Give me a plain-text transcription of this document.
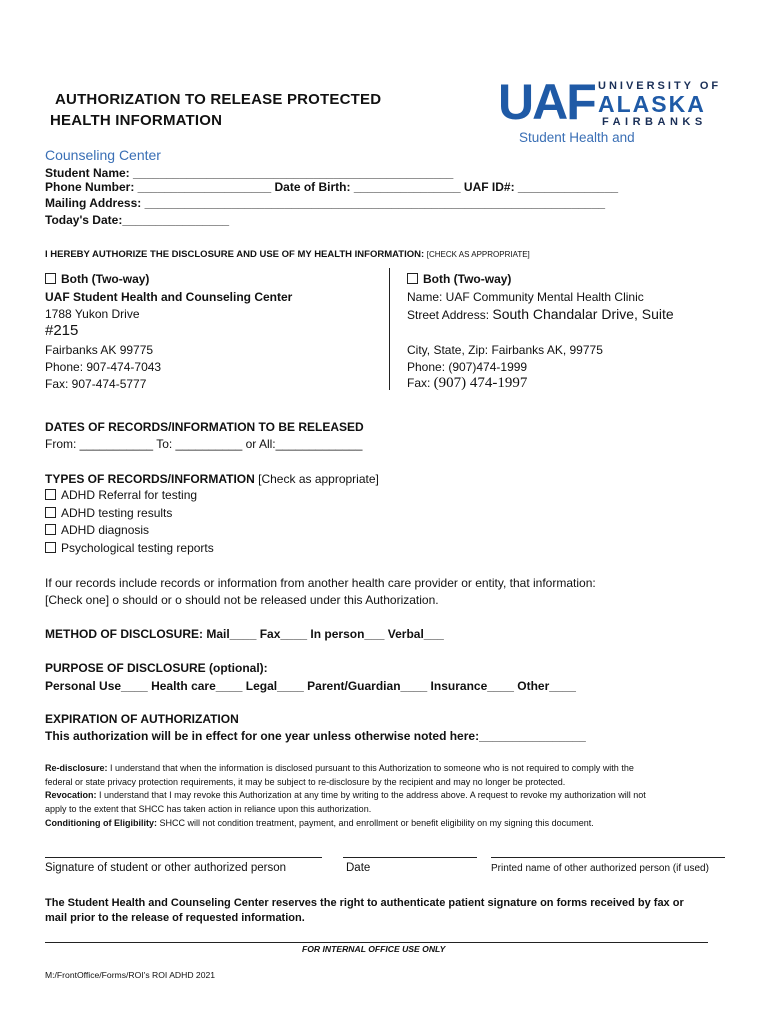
AUTHORIZATION TO RELEASE PROTECTED
HEALTH INFORMATION	UAF UNIVERSITY OF
ALASKA
FAIRBANKS
Student Health and
Counseling Center
Student Name: ________________________________________________
Phone Number: ____________________ Date of Birth: ________________ UAF ID#: _______________
Mailing Address: _____________________________________________________________________
Today's Date:________________
I HEREBY AUTHORIZE THE DISCLOSURE AND USE OF MY HEALTH INFORMATION: [CHECK AS APPROPRIATE]
Both (Two-way)
UAF Student Health and Counseling Center
1788 Yukon Drive
#215
Fairbanks AK 99775
Phone: 907-474-7043
Fax: 907-474-5777
Both (Two-way)
Name: UAF Community Mental Health Clinic
Street Address: South Chandalar Drive, Suite
City, State, Zip: Fairbanks AK, 99775
Phone: (907)474-1999
Fax: (907) 474-1997
DATES OF RECORDS/INFORMATION TO BE RELEASED
From: ___________ To: __________ or All:_____________
TYPES OF RECORDS/INFORMATION [Check as appropriate]
ADHD Referral for testing
ADHD testing results
ADHD diagnosis
Psychological testing reports
If our records include records or information from another health care provider or entity, that information:
[Check one] o should or o should not be released under this Authorization.
METHOD OF DISCLOSURE: Mail____ Fax____ In person___ Verbal___
PURPOSE OF DISCLOSURE (optional):
Personal Use____ Health care____ Legal____ Parent/Guardian____ Insurance____ Other____
EXPIRATION OF AUTHORIZATION
This authorization will be in effect for one year unless otherwise noted here:________________
Re-disclosure: I understand that when the information is disclosed pursuant to this Authorization to someone who is not required to comply with the
federal or state privacy protection requirements, it may be subject to re-disclosure by the recipient and may no longer be protected.
Revocation: I understand that I may revoke this Authorization at any time by writing to the address above. A request to revoke my authorization will not
apply to the extent that SHCC has taken action in reliance upon this authorization.
Conditioning of Eligibility: SHCC will not condition treatment, payment, and enrollment or benefit eligibility on my signing this document.
Signature of student or other authorized person	Date	Printed name of other authorized person (if used)
The Student Health and Counseling Center reserves the right to authenticate patient signature on forms received by fax or
mail prior to the release of requested information.
FOR INTERNAL OFFICE USE ONLY
M:/FrontOffice/Forms/ROI's ROI ADHD 2021
